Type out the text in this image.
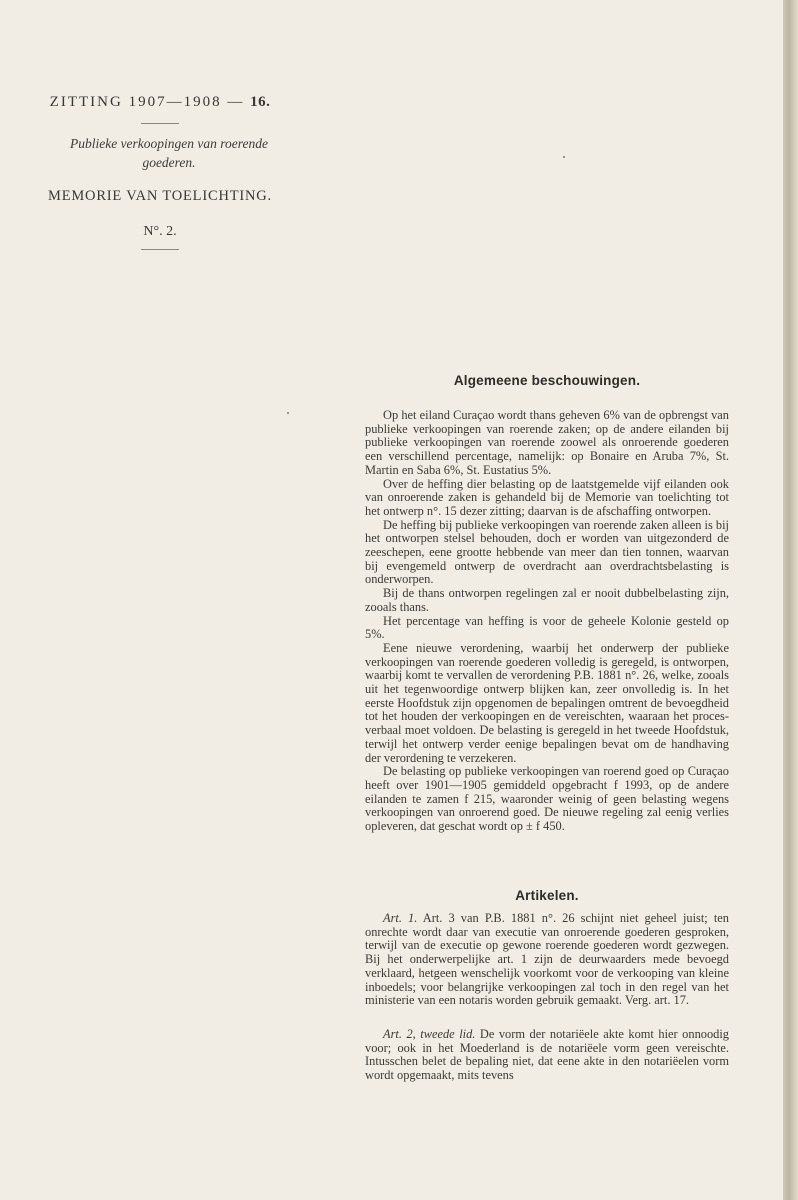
ZITTING 1907—1908 — 16.
Publieke verkoopingen van roerende goederen.
MEMORIE VAN TOELICHTING.
N°. 2.
Algemeene beschouwingen.

Op het eiland Curaçao wordt thans geheven 6% van de opbrengst van publieke verkoopingen van roerende zaken; op de andere eilanden bij publieke verkoopingen van roerende zoowel als onroerende goederen een verschillend percentage, namelijk: op Bonaire en Aruba 7%, St. Martin en Saba 6%, St. Eustatius 5%.

Over de heffing dier belasting op de laatstgemelde vijf eilanden ook van onroerende zaken is gehandeld bij de Memorie van toelichting tot het ontwerp n°. 15 dezer zitting; daarvan is de afschaffing ontworpen.

De heffing bij publieke verkoopingen van roerende zaken alleen is bij het ontworpen stelsel behouden, doch er worden van uitgezonderd de zeeschepen, eene grootte hebbende van meer dan tien tonnen, waarvan bij evengemeld ontwerp de overdracht aan overdrachtsbelasting is onderworpen.

Bij de thans ontworpen regelingen zal er nooit dubbelbelasting zijn, zooals thans.

Het percentage van heffing is voor de geheele Kolonie gesteld op 5%.

Eene nieuwe verordening, waarbij het onderwerp der publieke verkoopingen van roerende goederen volledig is geregeld, is ontworpen, waarbij komt te vervallen de verordening P.B. 1881 n°. 26, welke, zooals uit het tegenwoordige ontwerp blijken kan, zeer onvolledig is. In het eerste Hoofdstuk zijn opgenomen de bepalingen omtrent de bevoegdheid tot het houden der verkoopingen en de vereischten, waaraan het proces-verbaal moet voldoen. De belasting is geregeld in het tweede Hoofdstuk, terwijl het ontwerp verder eenige bepalingen bevat om de handhaving der verordening te verzekeren.

De belasting op publieke verkoopingen van roerend goed op Curaçao heeft over 1901—1905 gemiddeld opgebracht f 1993, op de andere eilanden te zamen f 215, waaronder weinig of geen belasting wegens verkoopingen van onroerend goed. De nieuwe regeling zal eenig verlies opleveren, dat geschat wordt op ± f 450.

Artikelen.

Art. 1. Art. 3 van P.B. 1881 n°. 26 schijnt niet geheel juist; ten onrechte wordt daar van executie van onroerende goederen gesproken, terwijl van de executie op gewone roerende goederen wordt gezwegen. Bij het onderwerpelijke art. 1 zijn de deurwaarders mede bevoegd verklaard, hetgeen wenschelijk voorkomt voor de verkooping van kleine inboedels; voor belangrijke verkoopingen zal toch in den regel van het ministerie van een notaris worden gebruik gemaakt. Verg. art. 17.

Art. 2, tweede lid. De vorm der notariëele akte komt hier onnoodig voor; ook in het Moederland is de notariëele vorm geen vereischte. Intusschen belet de bepaling niet, dat eene akte in den notariëelen vorm wordt opgemaakt, mits tevens
